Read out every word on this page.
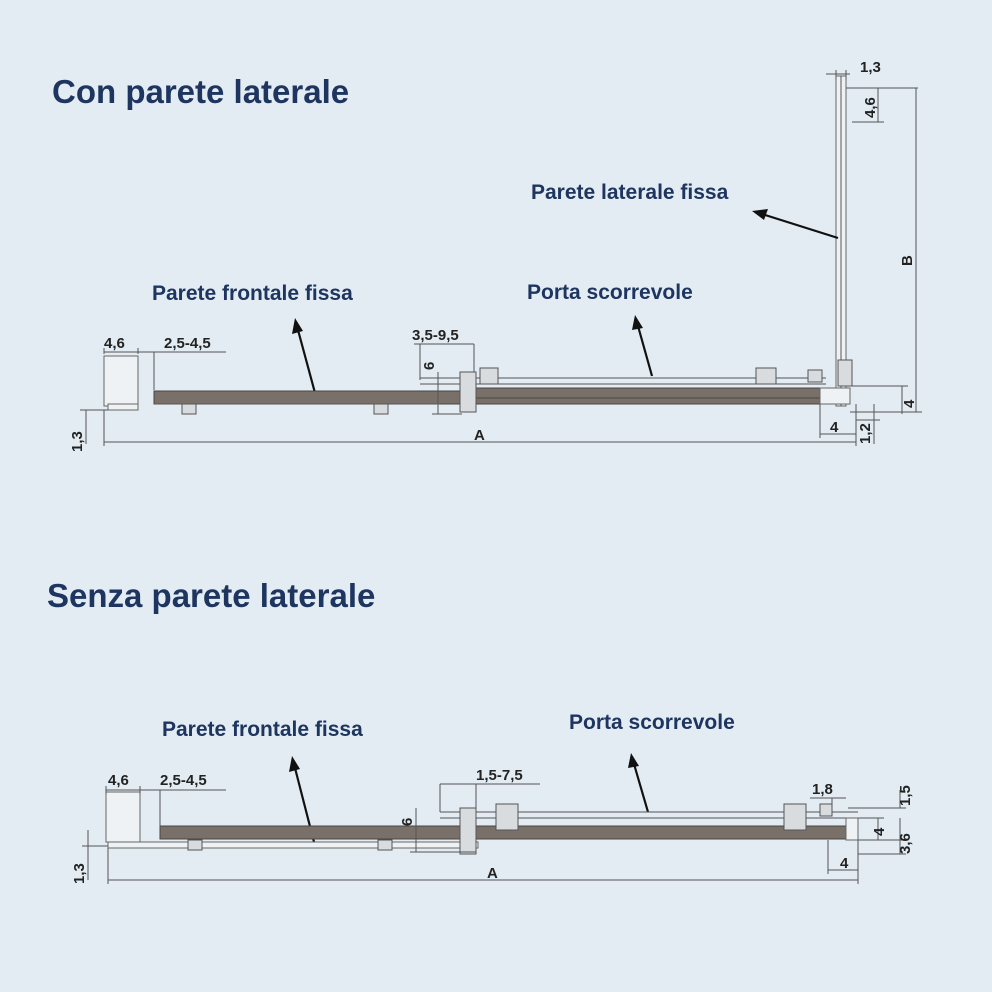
Con parete laterale
1,3
4,6
B
Parete laterale fissa
Parete frontale fissa	Porta scorrevole
4,6	2,5-4,5	3,5-9,5
6
1,3	A	4 1,2
4
Senza parete laterale
Parete frontale fissa	Porta scorrevole
4,6 2,5-4,5	1,5-7,5
6
1,8	1,5
4
3,6
1,3	A
4
